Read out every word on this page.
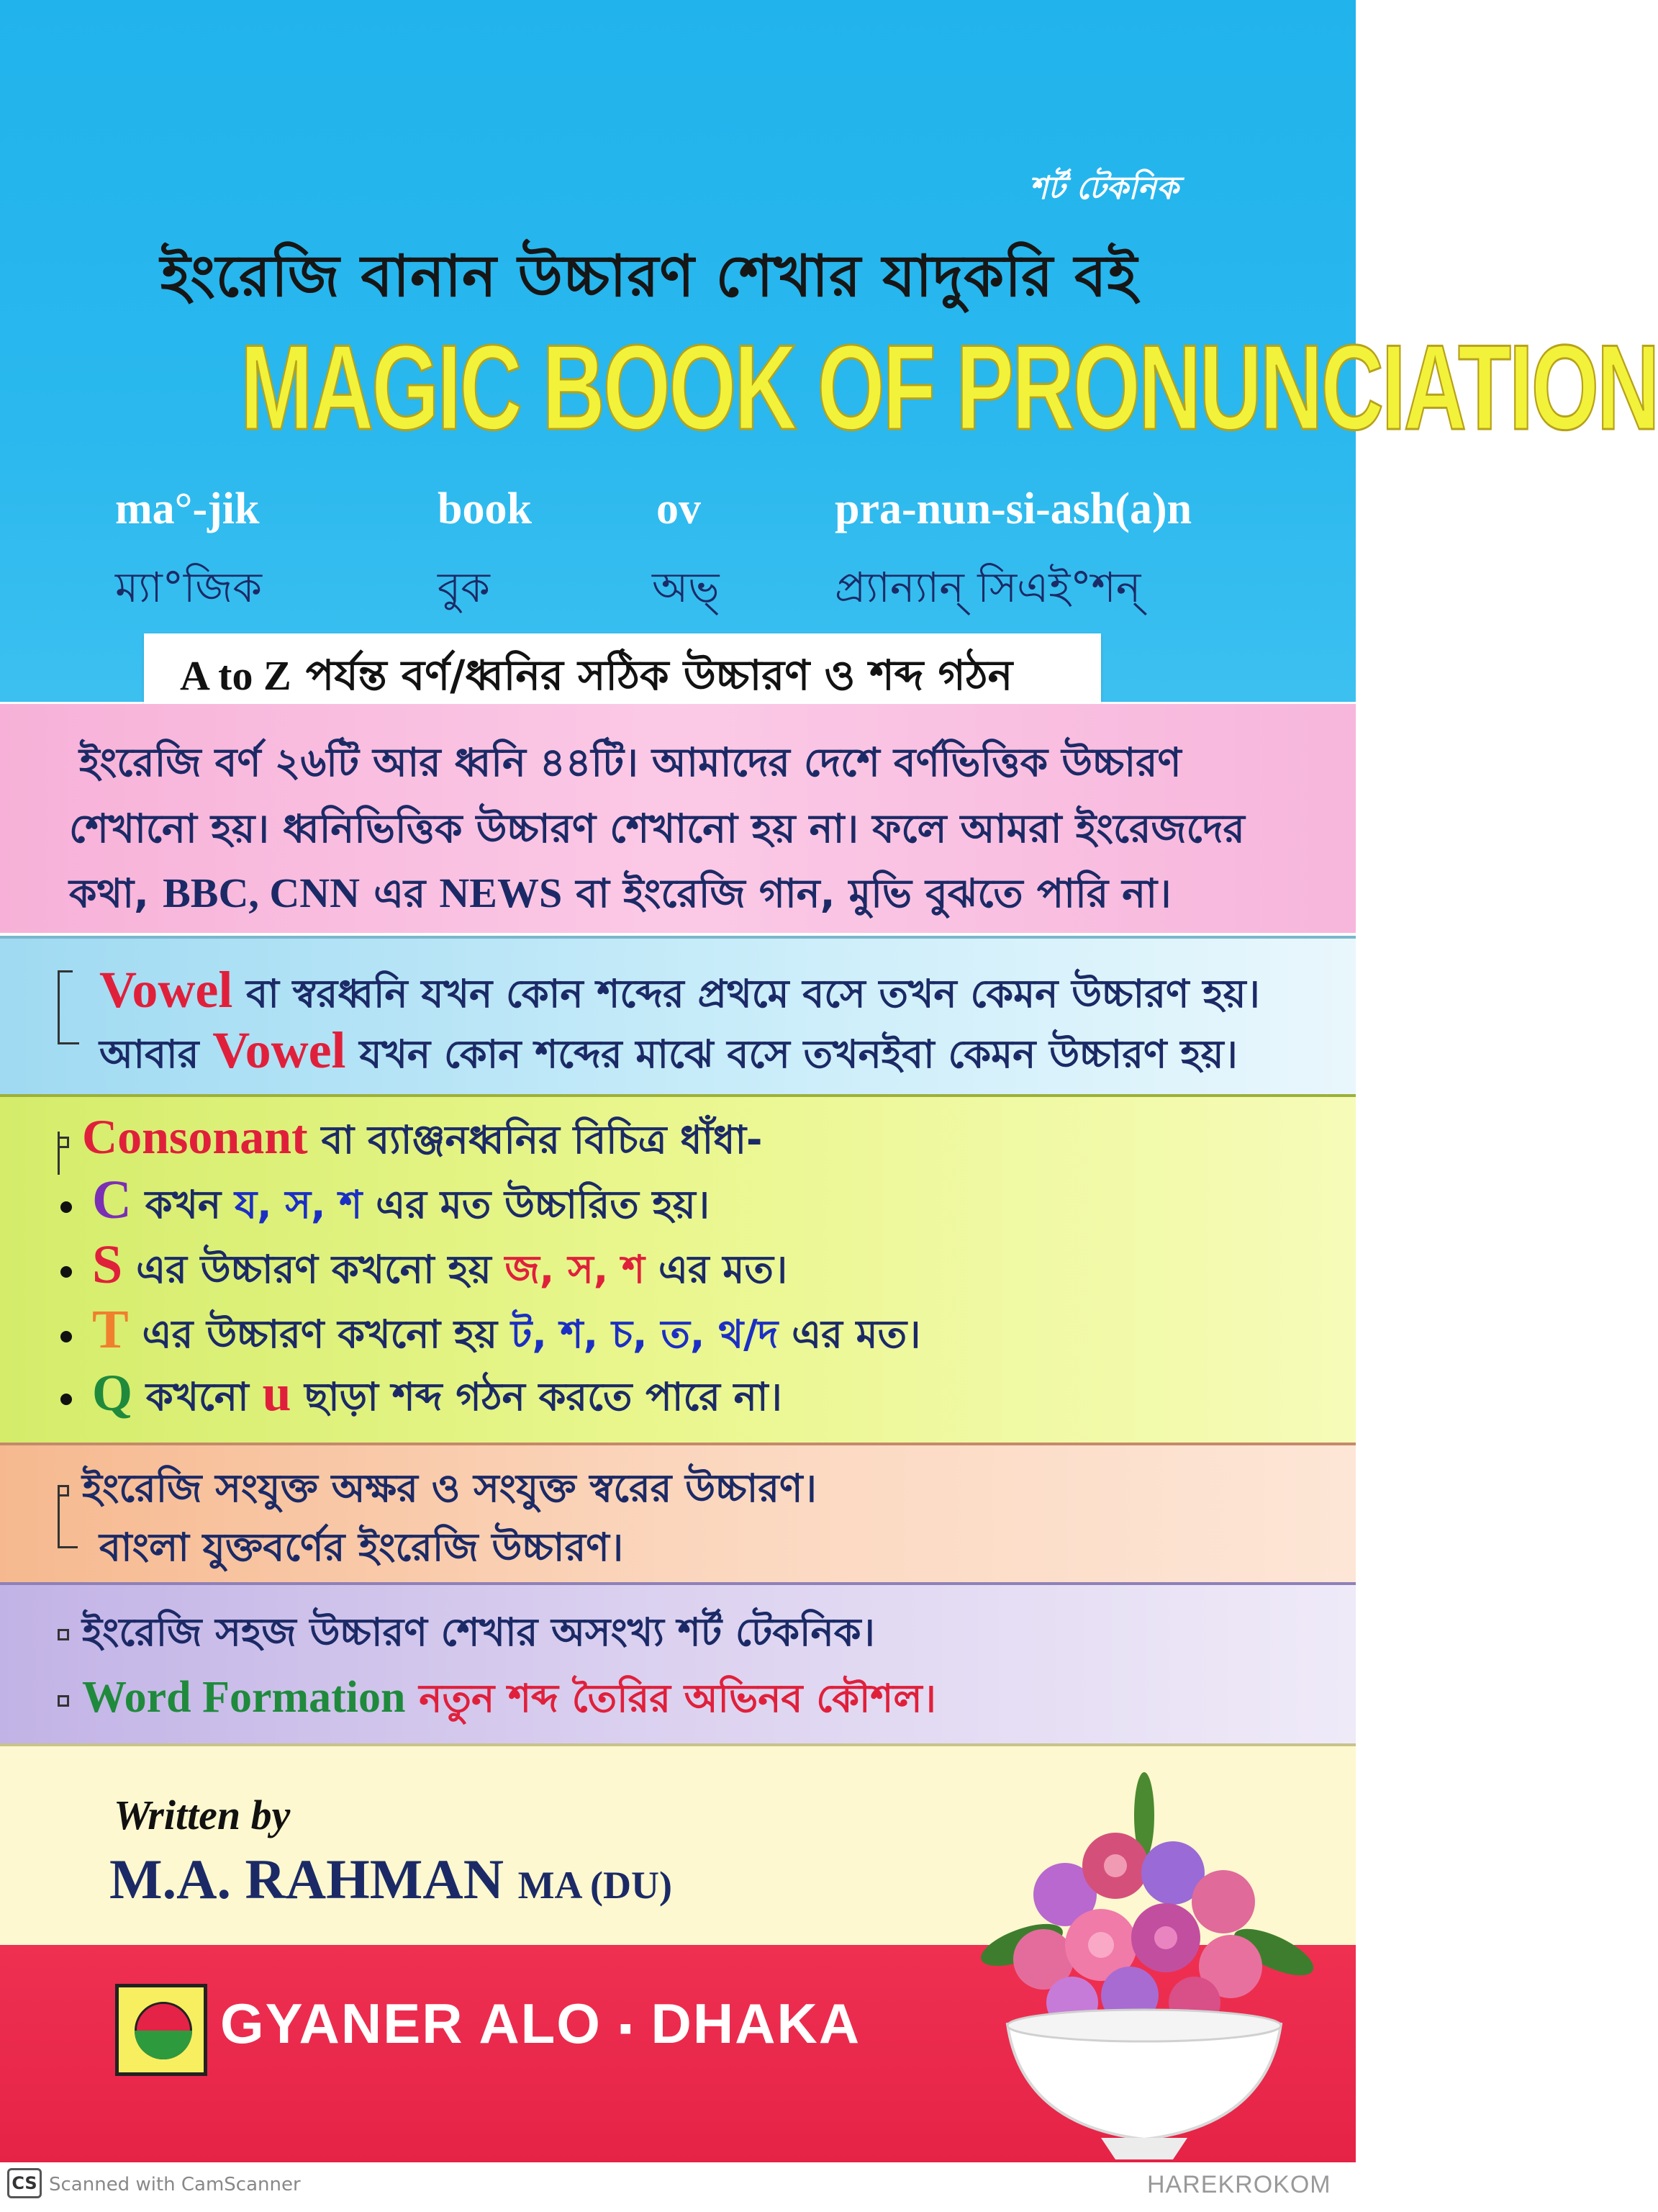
শর্ট টেকনিক
ইংরেজি বানান উচ্চারণ শেখার যাদুকরি বই
MAGIC BOOK OF PRONUNCIATION
ma°-jik	book	ov	pra-nun-si-ash(a)n
ম্যা°জিক	বুক	অভ্	প্র্যান্যান্ সিএই°শন্
A to Z পর্যন্ত বর্ণ/ধ্বনির সঠিক উচ্চারণ ও শব্দ গঠন
ইংরেজি বর্ণ ২৬টি আর ধ্বনি ৪৪টি। আমাদের দেশে বর্ণভিত্তিক উচ্চারণ
শেখানো হয়। ধ্বনিভিত্তিক উচ্চারণ শেখানো হয় না। ফলে আমরা ইংরেজদের
কথা, BBC, CNN এর NEWS বা ইংরেজি গান, মুভি বুঝতে পারি না।
Vowel বা স্বরধ্বনি যখন কোন শব্দের প্রথমে বসে তখন কেমন উচ্চারণ হয়।
আবার Vowel যখন কোন শব্দের মাঝে বসে তখনইবা কেমন উচ্চারণ হয়।
Consonant বা ব্যাঞ্জনধ্বনির বিচিত্র ধাঁধা-
C কখন য, স, শ এর মত উচ্চারিত হয়।
S এর উচ্চারণ কখনো হয় জ, স, শ এর মত।
T এর উচ্চারণ কখনো হয় ট, শ, চ, ত, থ/দ এর মত।
Q কখনো u ছাড়া শব্দ গঠন করতে পারে না।
ইংরেজি সংযুক্ত অক্ষর ও সংযুক্ত স্বরের উচ্চারণ।
বাংলা যুক্তবর্ণের ইংরেজি উচ্চারণ।
ইংরেজি সহজ উচ্চারণ শেখার অসংখ্য শর্ট টেকনিক।
Word Formation নতুন শব্দ তৈরির অভিনব কৌশল।
Written by
M.A. RAHMAN MA (DU)
GYANER ALO ▪ DHAKA
CS Scanned with CamScanner	HAREKROKOM
